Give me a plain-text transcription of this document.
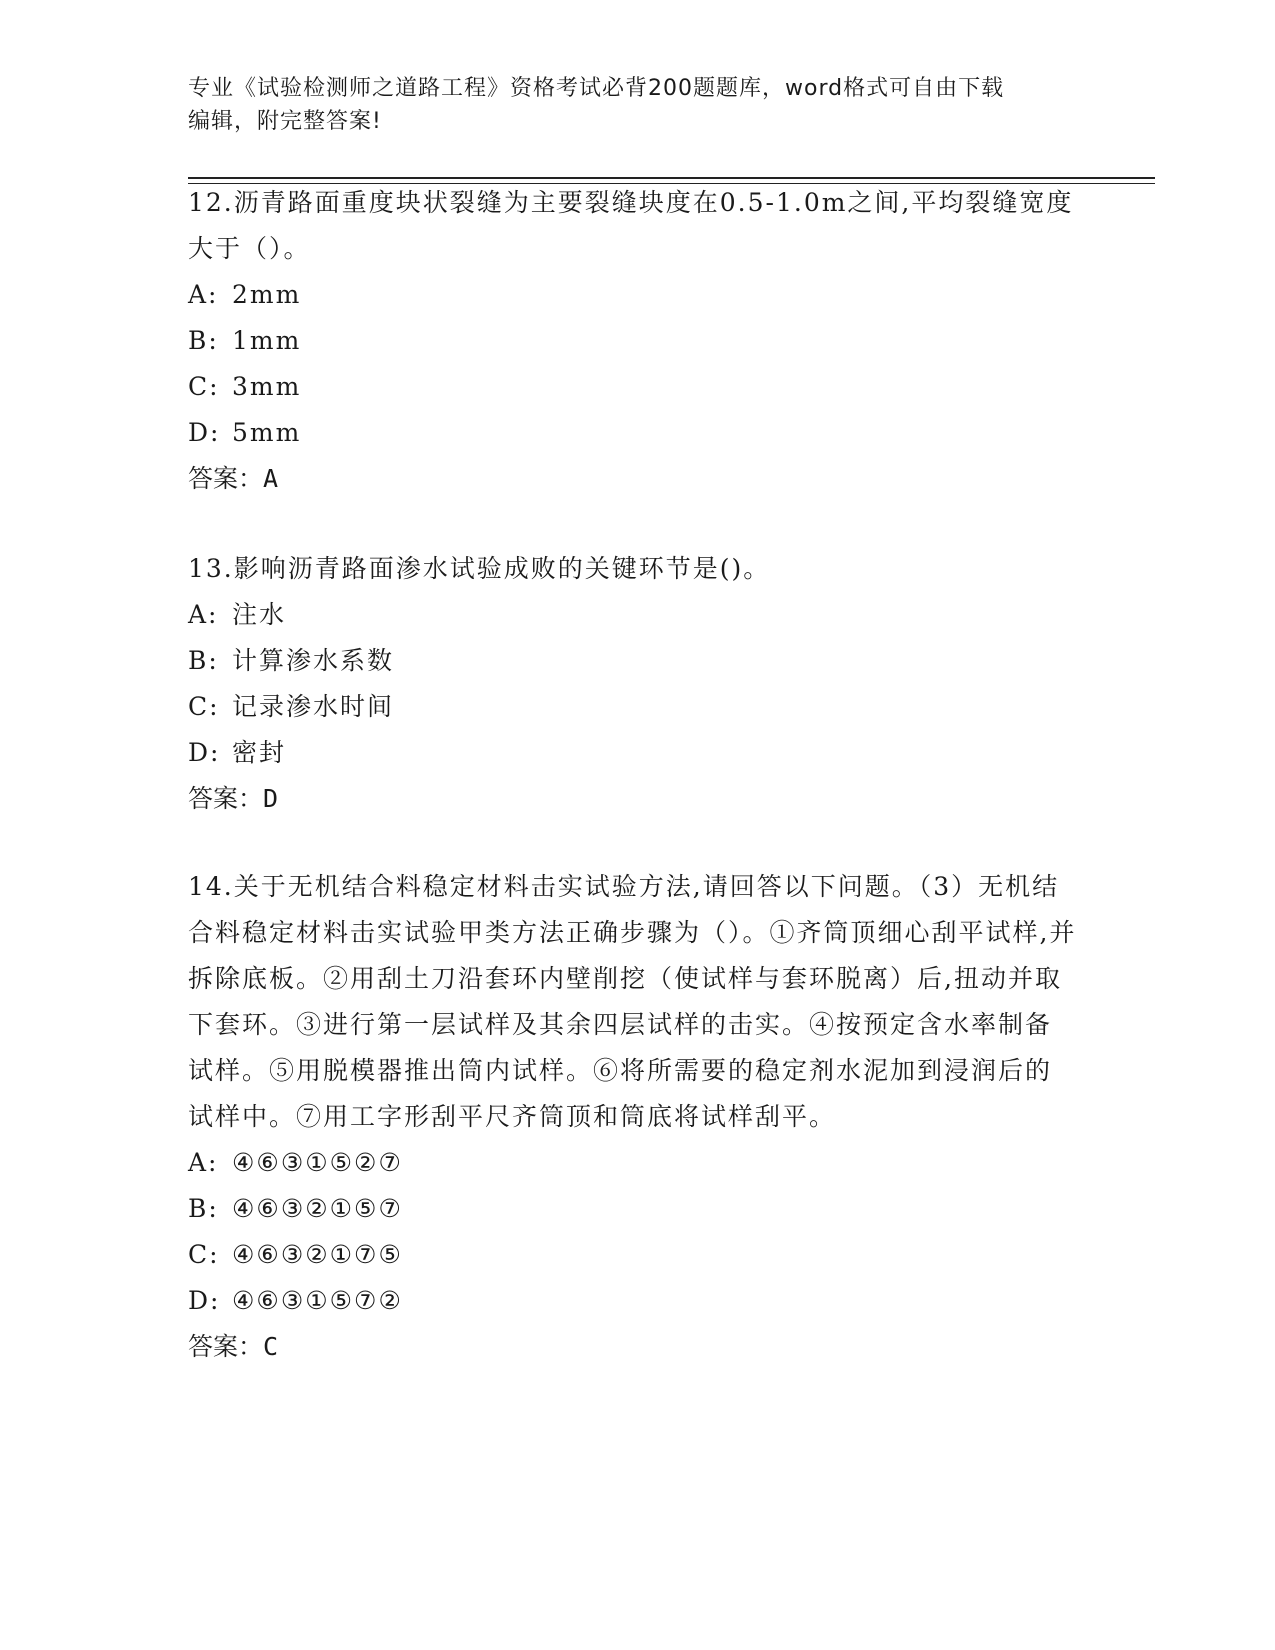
专业《试验检测师之道路工程》资格考试必背200题题库，word格式可自由下载
编辑，附完整答案!

12.沥青路面重度块状裂缝为主要裂缝块度在0.5-1.0m之间,平均裂缝宽度大于（）。

A: 2mm

B: 1mm

C: 3mm

D: 5mm

答案：A

13.影响沥青路面渗水试验成败的关键环节是()。

A: 注水

B: 计算渗水系数

C: 记录渗水时间

D: 密封

答案：D

14.关于无机结合料稳定材料击实试验方法,请回答以下问题。（3）无机结合料稳定材料击实试验甲类方法正确步骤为（）。①齐筒顶细心刮平试样,并拆除底板。②用刮土刀沿套环内壁削挖（使试样与套环脱离）后,扭动并取下套环。③进行第一层试样及其余四层试样的击实。④按预定含水率制备试样。⑤用脱模器推出筒内试样。⑥将所需要的稳定剂水泥加到浸润后的试样中。⑦用工字形刮平尺齐筒顶和筒底将试样刮平。

A: ④⑥③①⑤②⑦

B: ④⑥③②①⑤⑦

C: ④⑥③②①⑦⑤

D: ④⑥③①⑤⑦②

答案：C
